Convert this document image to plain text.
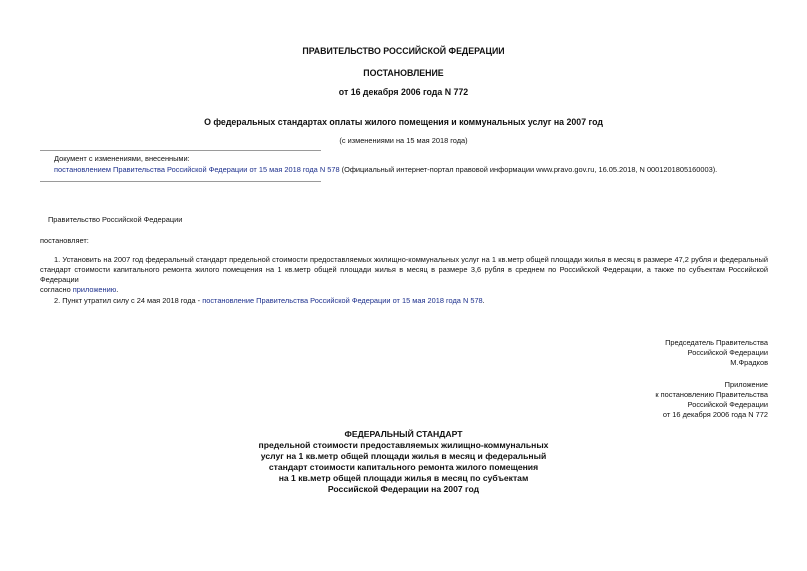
ПРАВИТЕЛЬСТВО РОССИЙСКОЙ ФЕДЕРАЦИИ
ПОСТАНОВЛЕНИЕ
от 16 декабря 2006 года N 772
О федеральных стандартах оплаты жилого помещения и коммунальных услуг на 2007 год
(с изменениями на 15 мая 2018 года)
Документ с изменениями, внесенными:
постановлением Правительства Российской Федерации от 15 мая 2018 года N 578 (Официальный интернет-портал правовой информации www.pravo.gov.ru, 16.05.2018, N 0001201805160003).
Правительство Российской Федерации
постановляет:
1. Установить на 2007 год федеральный стандарт предельной стоимости предоставляемых жилищно-коммунальных услуг на 1 кв.метр общей площади жилья в месяц в размере 47,2 рубля и федеральный
стандарт стоимости капитального ремонта жилого помещения на 1 кв.метр общей площади жилья в месяц в размере 3,6 рубля в среднем по Российской Федерации, а также по субъектам Российской Федерации
согласно приложению.
2. Пункт утратил силу с 24 мая 2018 года - постановление Правительства Российской Федерации от 15 мая 2018 года N 578.
Председатель Правительства
Российской Федерации
М.Фрадков
Приложение
к постановлению Правительства
Российской Федерации
от 16 декабря 2006 года N 772
ФЕДЕРАЛЬНЫЙ СТАНДАРТ
предельной стоимости предоставляемых жилищно-коммунальных
услуг на 1 кв.метр общей площади жилья в месяц и федеральный
стандарт стоимости капитального ремонта жилого помещения
на 1 кв.метр общей площади жилья в месяц по субъектам
Российской Федерации на 2007 год
